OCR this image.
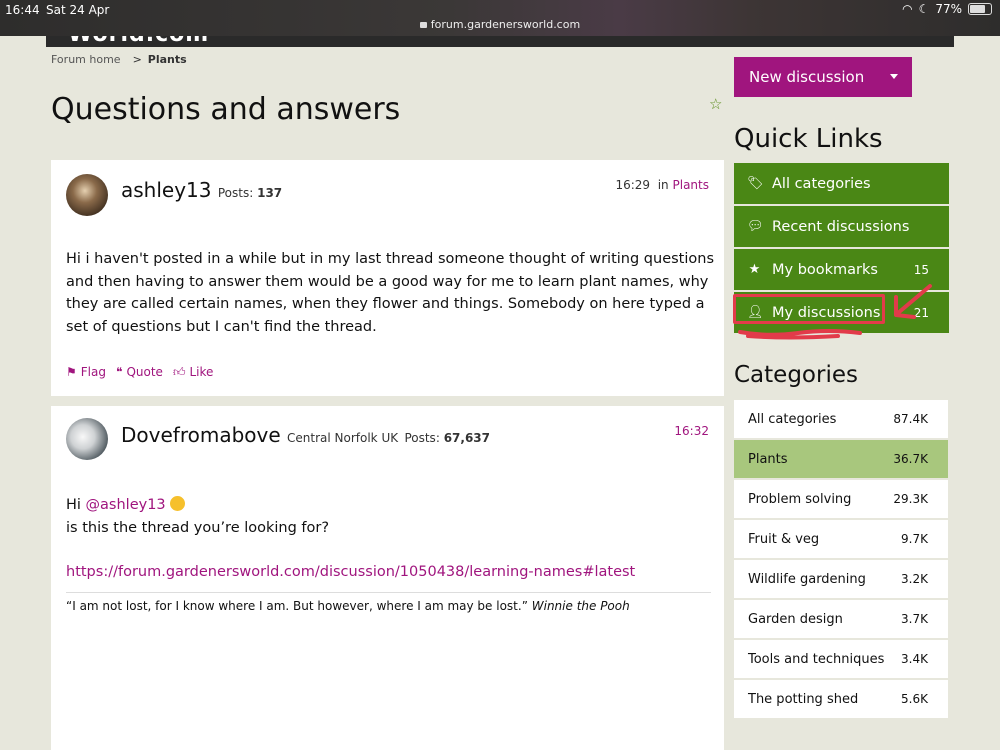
16:44 Sat 24 Apr
forum.gardenersworld.com
◠ ☾ 77%
Forum home > Plants
Questions and answers	☆
ashley13 Posts: 137
16:29 in Plants
Hi i haven't posted in a while but in my last thread someone thought of writing questions and then having to answer them would be a good way for me to learn plant names, why they are called certain names, when they flower and things. Somebody on here typed a set of questions but I can't find the thread.
⚑ Flag ❝ Quote 👍︎ Like
Dovefromabove Central Norfolk UK Posts: 67,637	16:32
Hi @ashley13
is this the thread you’re looking for?
https://forum.gardenersworld.com/discussion/1050438/learning-names#latest
“I am not lost, for I know where I am. But however, where I am may be lost.” Winnie the Pooh
New discussion
Quick Links
🏷︎ All categories
💬︎ Recent discussions
★ My bookmarks	15
👤︎ My discussions	21
Categories
All categories	87.4K
Plants	36.7K
Problem solving	29.3K
Fruit & veg	9.7K
Wildlife gardening	3.2K
Garden design	3.7K
Tools and techniques 3.4K
The potting shed	5.6K
